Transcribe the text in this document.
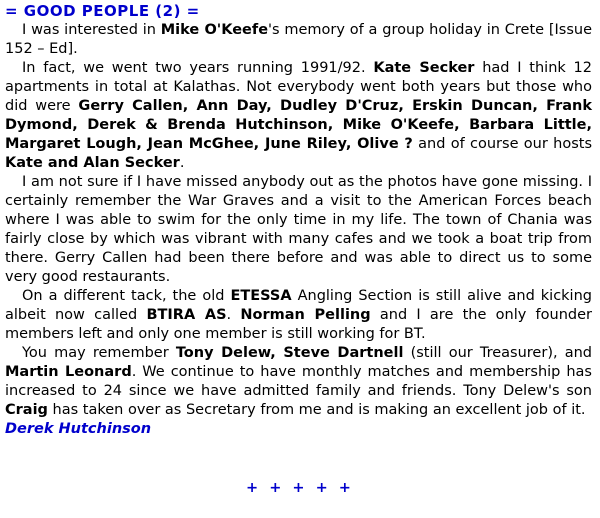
= GOOD PEOPLE (2) =

I was interested in Mike O'Keefe's memory of a group holiday in Crete [Issue 152 – Ed].

In fact, we went two years running 1991/92. Kate Secker had I think 12 apartments in total at Kalathas. Not everybody went both years but those who did were Gerry Callen, Ann Day, Dudley D'Cruz, Erskin Duncan, Frank Dymond, Derek & Brenda Hutchinson, Mike O'Keefe, Barbara Little, Margaret Lough, Jean McGhee, June Riley, Olive ? and of course our hosts Kate and Alan Secker.

I am not sure if I have missed anybody out as the photos have gone missing. I certainly remember the War Graves and a visit to the American Forces beach where I was able to swim for the only time in my life. The town of Chania was fairly close by which was vibrant with many cafes and we took a boat trip from there. Gerry Callen had been there before and was able to direct us to some very good restaurants.

On a different tack, the old ETESSA Angling Section is still alive and kicking albeit now called BTIRA AS. Norman Pelling and I are the only founder members left and only one member is still working for BT.

You may remember Tony Delew, Steve Dartnell (still our Treasurer), and Martin Leonard. We continue to have monthly matches and membership has increased to 24 since we have admitted family and friends. Tony Delew's son Craig has taken over as Secretary from me and is making an excellent job of it.

Derek Hutchinson

+ + + + +
